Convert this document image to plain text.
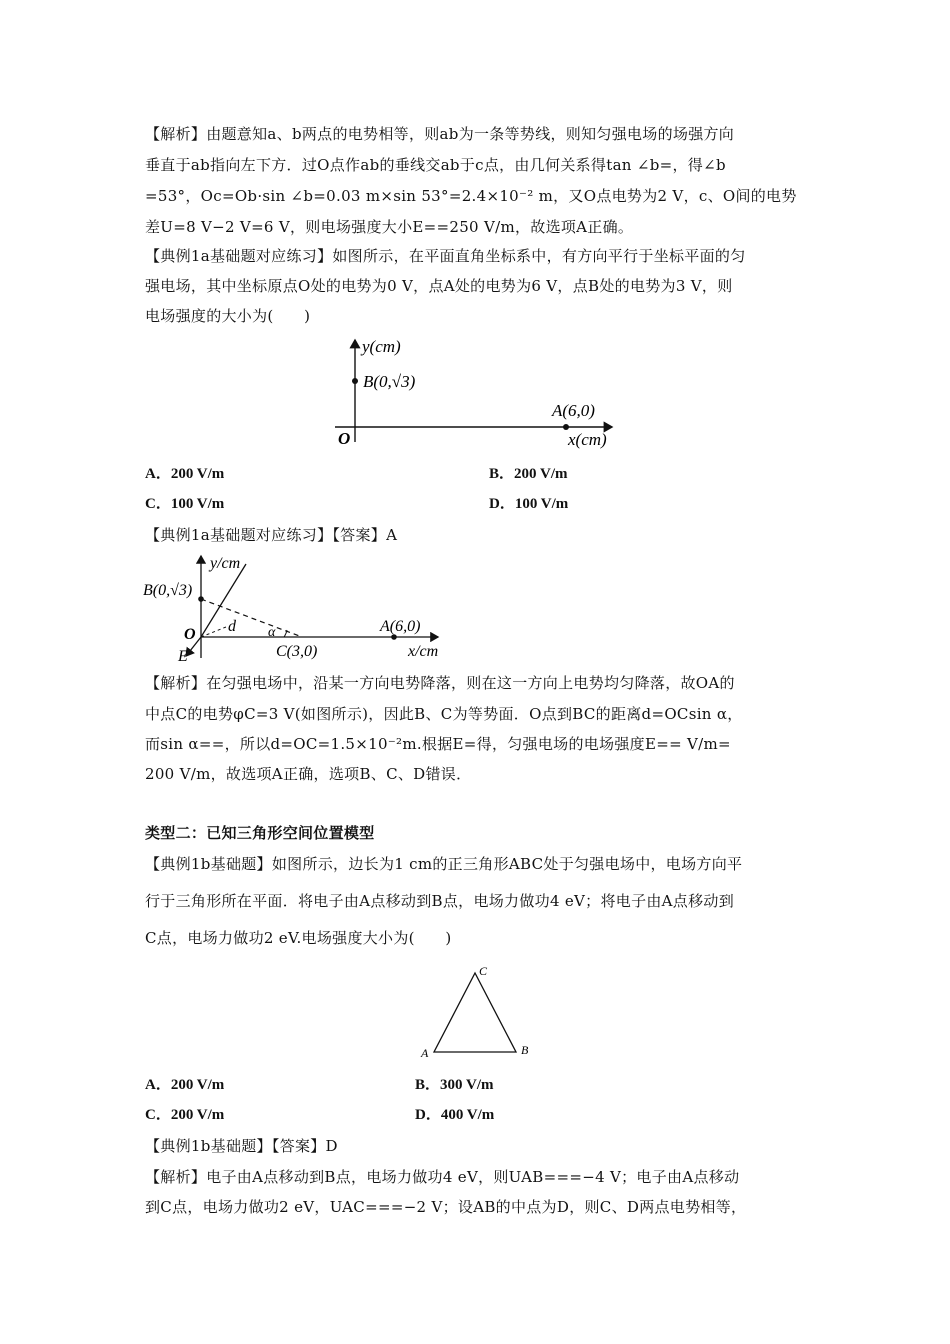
【解析】由题意知a、b两点的电势相等，则ab为一条等势线，则知匀强电场的场强方向
垂直于ab指向左下方．过O点作ab的垂线交ab于c点，由几何关系得tan ∠b=，得∠b
=53°，Oc=Ob·sin ∠b=0.03 m×sin 53°=2.4×10⁻² m，又O点电势为2 V，c、O间的电势
差U=8 V−2 V=6 V，则电场强度大小E==250 V/m，故选项A正确。
【典例1a基础题对应练习】如图所示，在平面直角坐标系中，有方向平行于坐标平面的匀
强电场，其中坐标原点O处的电势为0 V，点A处的电势为6 V，点B处的电势为3 V，则
电场强度的大小为(　　)
y(cm)
B(0,√3)
A(6,0)
O	x(cm)
A．200 V/m	B．200 V/m
C．100 V/m	D．100 V/m
【典例1a基础题对应练习】【答案】A
y/cm
B(0,√3)
O
E
d α
C(3,0)
A(6,0)
x/cm
【解析】在匀强电场中，沿某一方向电势降落，则在这一方向上电势均匀降落，故OA的
中点C的电势φC=3 V(如图所示)，因此B、C为等势面．O点到BC的距离d=OCsin α，
而sin α==，所以d=OC=1.5×10⁻²m.根据E=得，匀强电场的电场强度E== V/m=
200 V/m，故选项A正确，选项B、C、D错误．
类型二：已知三角形空间位置模型
【典例1b基础题】如图所示，边长为1 cm的正三角形ABC处于匀强电场中，电场方向平
行于三角形所在平面．将电子由A点移动到B点，电场力做功4 eV；将电子由A点移动到
C点，电场力做功2 eV.电场强度大小为(　　)
C
A	B
A．200 V/m	B．300 V/m
C．200 V/m	D．400 V/m
【典例1b基础题】【答案】D
【解析】电子由A点移动到B点，电场力做功4 eV，则UAB===−4 V；电子由A点移动
到C点，电场力做功2 eV，UAC===−2 V；设AB的中点为D，则C、D两点电势相等，
